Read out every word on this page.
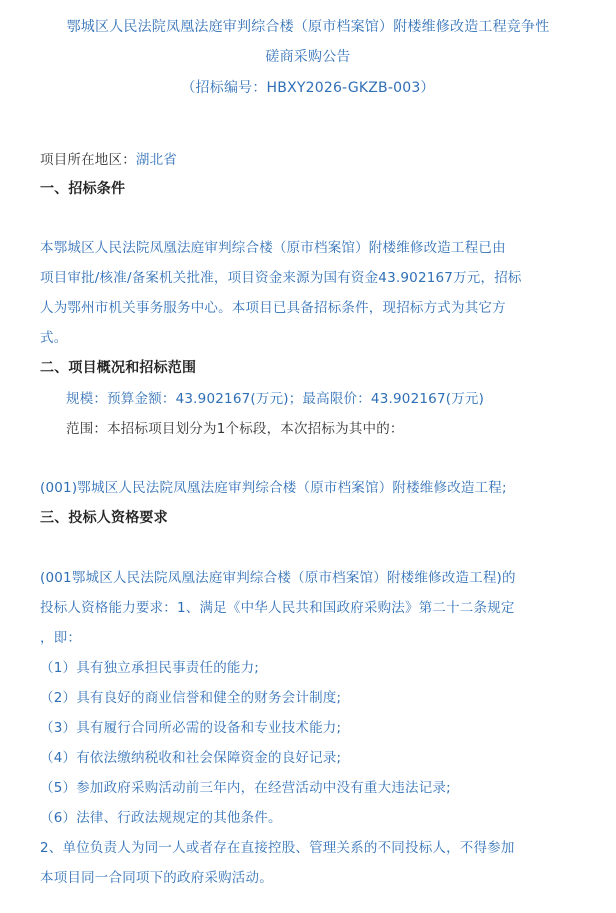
鄂城区人民法院凤凰法庭审判综合楼（原市档案馆）附楼维修改造工程竞争性
磋商采购公告
（招标编号：HBXY2026-GKZB-003）
项目所在地区：湖北省
一、招标条件
本鄂城区人民法院凤凰法庭审判综合楼（原市档案馆）附楼维修改造工程已由
项目审批/核准/备案机关批准，项目资金来源为国有资金43.902167万元，招标
人为鄂州市机关事务服务中心。本项目已具备招标条件，现招标方式为其它方
式。
二、项目概况和招标范围
规模：预算金额：43.902167(万元)；最高限价：43.902167(万元)
范围：本招标项目划分为1个标段，本次招标为其中的：
(001)鄂城区人民法院凤凰法庭审判综合楼（原市档案馆）附楼维修改造工程;
三、投标人资格要求
(001鄂城区人民法院凤凰法庭审判综合楼（原市档案馆）附楼维修改造工程)的
投标人资格能力要求：1、满足《中华人民共和国政府采购法》第二十二条规定
，即：
（1）具有独立承担民事责任的能力;
（2）具有良好的商业信誉和健全的财务会计制度;
（3）具有履行合同所必需的设备和专业技术能力;
（4）有依法缴纳税收和社会保障资金的良好记录;
（5）参加政府采购活动前三年内，在经营活动中没有重大违法记录;
（6）法律、行政法规规定的其他条件。
2、单位负责人为同一人或者存在直接控股、管理关系的不同投标人，不得参加
本项目同一合同项下的政府采购活动。
